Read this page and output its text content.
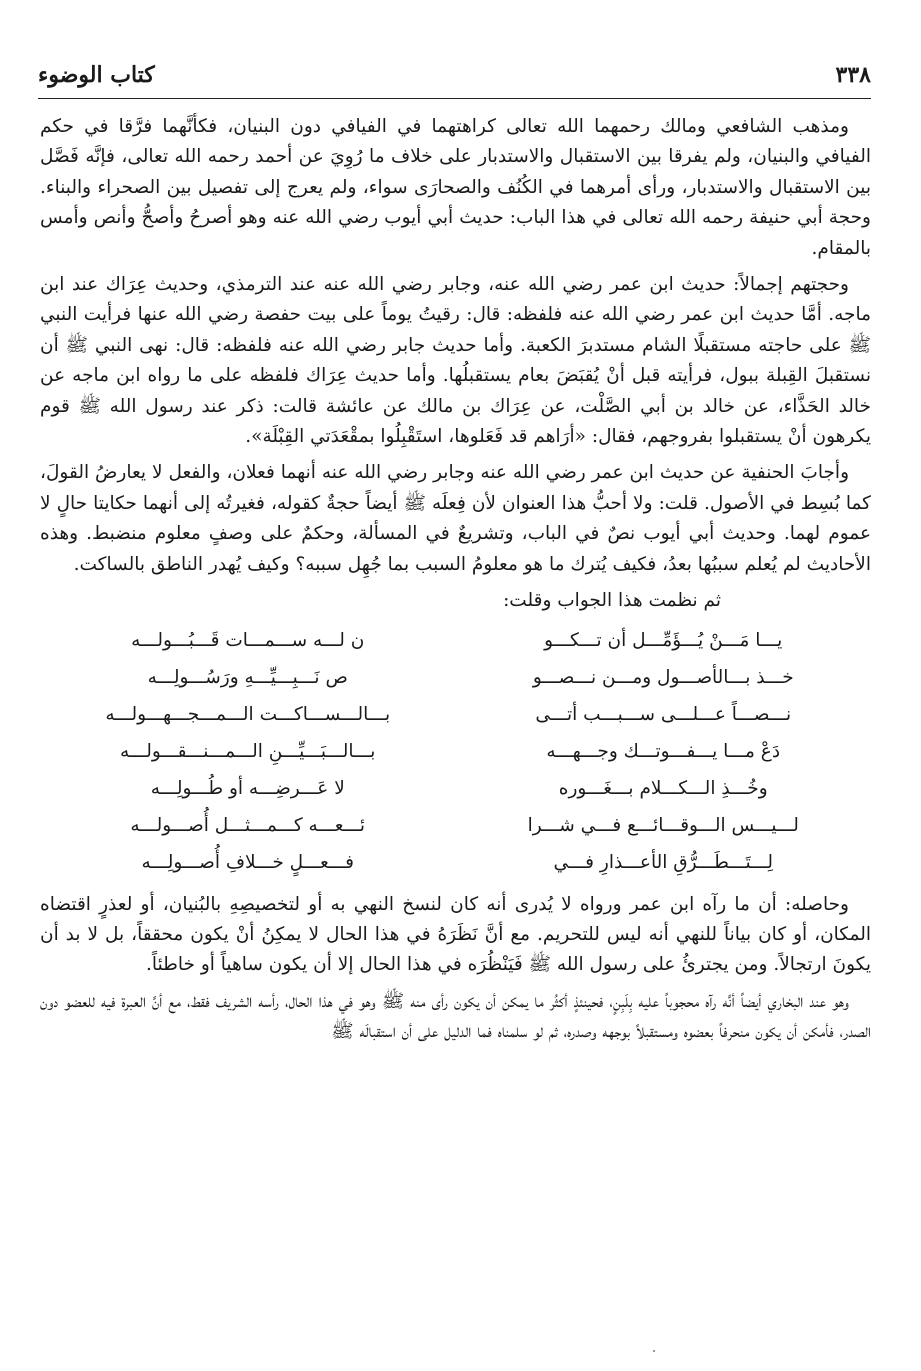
٣٣٨
كتاب الوضوء

ومذهب الشافعي ومالك رحمهما الله تعالى كراهتهما في الفيافي دون البنيان، فكأنَّهما فرَّقا في حكم الفيافي والبنيان، ولم يفرقا بين الاستقبال والاستدبار على خلاف ما رُوِيَ عن أحمد رحمه الله تعالى، فإنَّه فَصَّل بين الاستقبال والاستدبار، ورأى أمرهما في الكُنُف والصحارَى سواء، ولم يعرج إلى تفصيل بين الصحراء والبناء. وحجة أبي حنيفة رحمه الله تعالى في هذا الباب: حديث أبي أيوب رضي الله عنه وهو أصرحُ وأصحُّ وأنص وأمس بالمقام.

وحجتهم إجمالاً: حديث ابن عمر رضي الله عنه، وجابر رضي الله عنه عند الترمذي، وحديث عِرَاك عند ابن ماجه. أمَّا حديث ابن عمر رضي الله عنه فلفظه: قال: رقيتُ يوماً على بيت حفصة رضي الله عنها فرأيت النبي ﷺ على حاجته مستقبلًا الشام مستدبرَ الكعبة. وأما حديث جابر رضي الله عنه فلفظه: قال: نهى النبي ﷺ أن نستقبلَ القِبلة ببول، فرأيته قبل أنْ يُقبَضَ بعام يستقبلُها. وأما حديث عِرَاك فلفظه على ما رواه ابن ماجه عن خالد الحَذَّاء، عن خالد بن أبي الصَّلْت، عن عِرَاك بن مالك عن عائشة قالت: ذكر عند رسول الله ﷺ قوم يكرهون أنْ يستقبلوا بفروجهم، فقال: «أرَاهم قد فَعَلوها، استَقْبِلُوا بمقْعَدَتي القِبْلَة».

وأجابَ الحنفية عن حديث ابن عمر رضي الله عنه وجابر رضي الله عنه أنهما فعلان، والفعل لا يعارضُ القولَ، كما بُسِط في الأصول. قلت: ولا أحبُّ هذا العنوان لأن فِعلَه ﷺ أيضاً حجةٌ كقوله، فغيرتُه إلى أنهما حكايتا حالٍ لا عموم لهما. وحديث أبي أيوب نصٌ في الباب، وتشريعٌ في المسألة، وحكمٌ على وصفٍ معلوم منضبط. وهذه الأحاديث لم يُعلم سببُها بعدُ، فكيف يُترك ما هو معلومُ السبب بما جُهِل سببه؟ وكيف يُهدر الناطق بالساكت.

ثم نظمت هذا الجواب وقلت:
يـــا مَـــنْ يُـــؤَمِّـــل أن تـــكـــو	ن لـــه ســـمـــات قَـــبُـــولـــه
خـــذ بـــالأصـــول ومـــن نـــصـــو	ص نَـــبِـــيِّـــهِ ورَسُـــولِـــه
نـــصـــاً عـــلـــى ســـبـــب أتـــى	بـــالـــســـاكـــت الـــمـــجـــهـــولـــه
دَعْ مـــا يـــفـــوتـــك وجـــهـــه	بـــالـــبَـــيِّـــنِ الـــمـــنـــقـــولـــه
وخُـــذِ الـــكـــلام بـــغَـــوره	لا عَـــرضِـــه أو طُـــولِـــه
لـــيـــس الـــوقـــائـــع فـــي شـــرا	ئـــعـــه كـــمـــثـــل أُصـــولـــه
لِـــتَـــطَـــرُّقِ الأعـــذارِ فـــي	فـــعـــلٍ خـــلافِ أُصـــولِـــه

وحاصله: أن ما رآه ابن عمر ورواه لا يُدرى أنه كان لنسخ النهي به أو لتخصيصِهِ بالبُنيان، أو لعذرٍ اقتضاه المكان، أو كان بياناً للنهي أنه ليس للتحريم. مع أنَّ نَظَرَهُ في هذا الحال لا يمكِنُ أنْ يكون محققاً، بل لا بد أن يكونَ ارتجالاً. ومن يجترئُ على رسول الله ﷺ فَيَنْظُرَه في هذا الحال إلا أن يكون ساهياً أو خاطئاً.

وهو عند البخاري أيضاً أنَّه رآه محجوباً عليه بِلَبِنٍ، فحينئذٍ أكثُر ما يمكن أن يكون رأى منه ﷺ وهو في هذا الحال، رأسه الشريف فقط، مع أنَّ العبرة فيه للعضو دون الصدر، فأمكن أن يكون منحرفاً بعضوه ومستقبلاً بوجهه وصدره، ثم لو سلمناه فما الدليل على أن استقبالَه ﷺ
